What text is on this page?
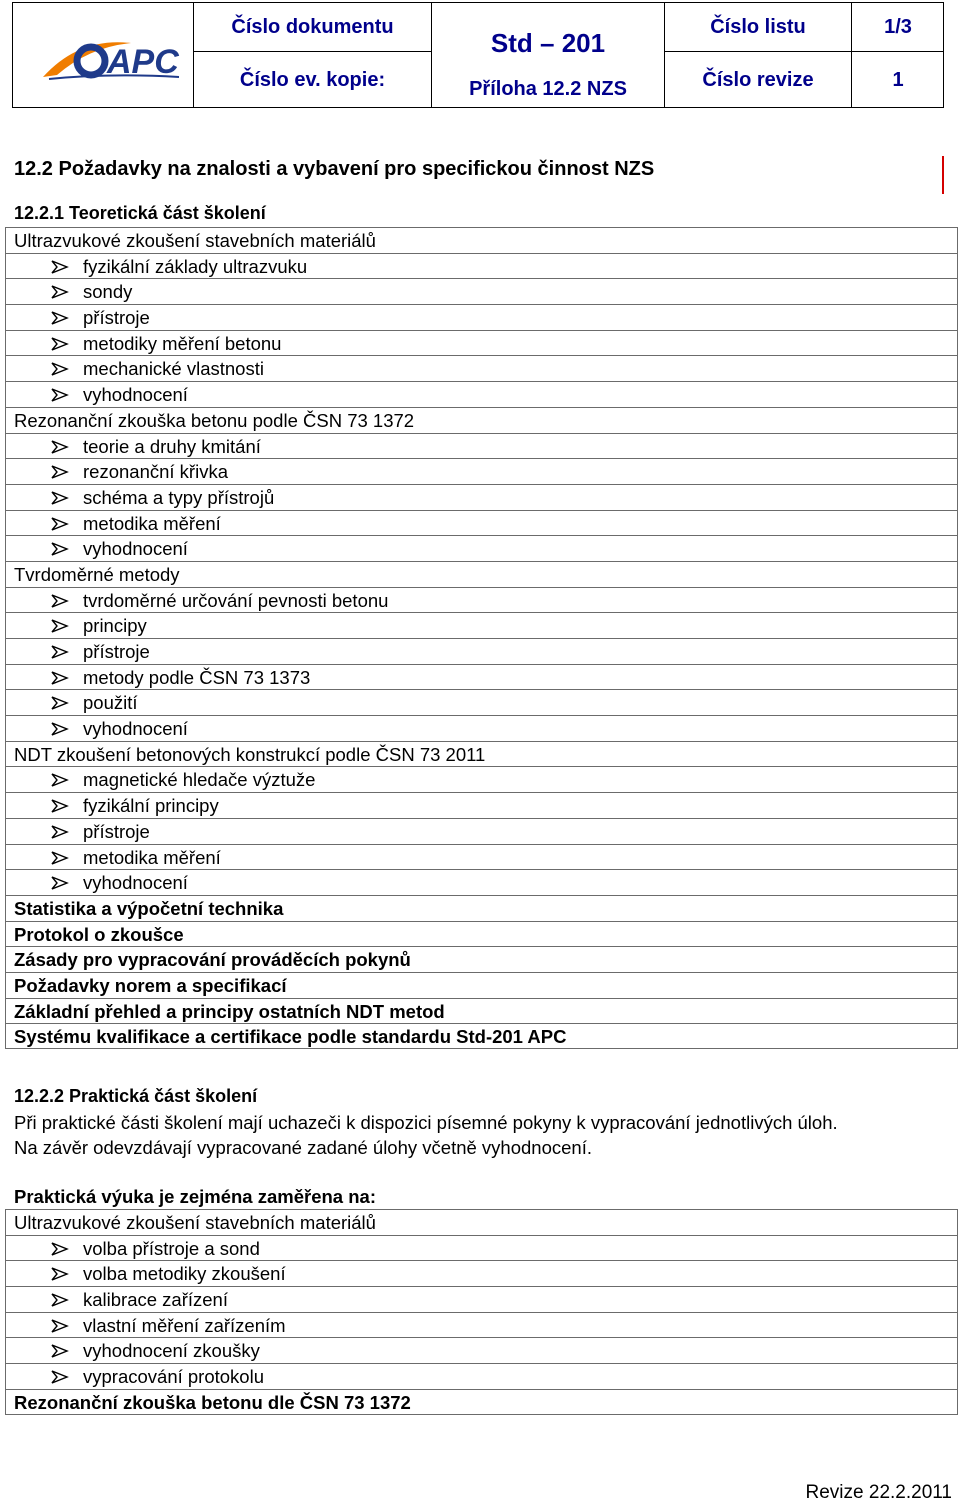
APC
Číslo dokumentu
Číslo ev. kopie:
Std – 201
Příloha 12.2 NZS
Číslo listu	1/3
Číslo revize	1
12.2 Požadavky na znalosti a vybavení pro specifickou činnost NZS
12.2.1 Teoretická část školení
Ultrazvukové zkoušení stavebních materiálů
fyzikální základy ultrazvuku
sondy
přístroje
metodiky měření betonu
mechanické vlastnosti
vyhodnocení
Rezonanční zkouška betonu podle ČSN 73 1372
teorie a druhy kmitání
rezonanční křivka
schéma a typy přístrojů
metodika měření
vyhodnocení
Tvrdoměrné metody
tvrdoměrné určování pevnosti betonu
principy
přístroje
metody podle ČSN 73 1373
použití
vyhodnocení
NDT zkoušení betonových konstrukcí podle ČSN 73 2011
magnetické hledače výztuže
fyzikální principy
přístroje
metodika měření
vyhodnocení
Statistika a výpočetní technika
Protokol o zkoušce
Zásady pro vypracování prováděcích pokynů
Požadavky norem a specifikací
Základní přehled a principy ostatních NDT metod
Systému kvalifikace a certifikace podle standardu Std-201 APC
12.2.2 Praktická část školení
Při praktické části školení mají uchazeči k dispozici písemné pokyny k vypracování jednotlivých úloh.
Na závěr odevzdávají vypracované zadané úlohy včetně vyhodnocení.
Praktická výuka je zejména zaměřena na:
Ultrazvukové zkoušení stavebních materiálů
volba přístroje a sond
volba metodiky zkoušení
kalibrace zařízení
vlastní měření zařízením
vyhodnocení zkoušky
vypracování protokolu
Rezonanční zkouška betonu dle ČSN 73 1372
Revize 22.2.2011
